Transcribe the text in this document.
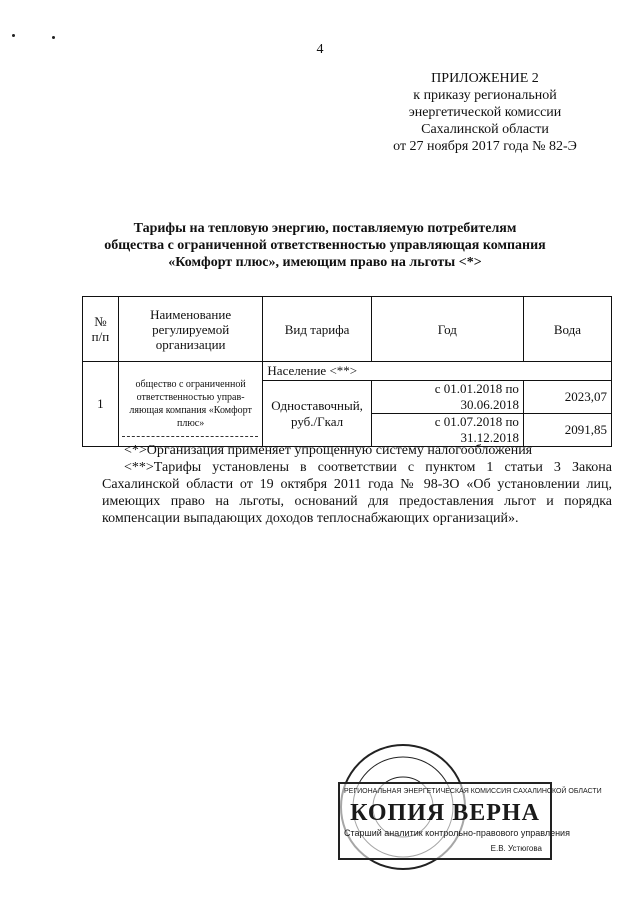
4
ПРИЛОЖЕНИЕ 2
к приказу региональной
энергетической комиссии
Сахалинской области
от 27 ноября 2017 года № 82-Э
Тарифы на тепловую энергию, поставляемую потребителям
общества с ограниченной ответственностью управляющая компания
«Комфорт плюс», имеющим право на льготы <*>
№
п/п	Наименование
регулируемой
организации	Вид тарифа	Год	Вода
1	общество с ограниченной ответственностью управ-ляющая компания «Комфорт плюс»	Население <**>		
		Одноставочный, руб./Гкал	с 01.01.2018 по 30.06.2018	2023,07
			с 01.07.2018 по 31.12.2018	2091,85

<*>Организация применяет упрощенную систему налогообложения

<**>Тарифы установлены в соответствии с пунктом 1 статьи 3 Закона Сахалинской области от 19 октября 2011 года № 98-ЗО «Об установлении лиц, имеющих право на льготы, оснований для предоставления льгот и порядка компенсации выпадающих доходов теплоснабжающих организаций».

РЕГИОНАЛЬНАЯ ЭНЕРГЕТИЧЕСКАЯ КОМИССИЯ САХАЛИНСКОЙ ОБЛАСТИ
КОПИЯ ВЕРНА
Старший аналитик контрольно-правового управления
Е.В. Устюгова
